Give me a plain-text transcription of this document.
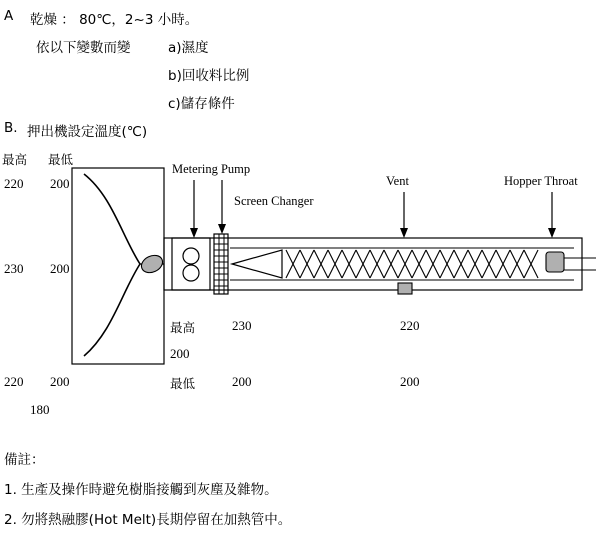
A 乾燥 ： 80℃，2~3 小時。
依以下變數而變	a)濕度
b)回收料比例
c)儲存條件
B. 押出機設定溫度(℃)
最高 最低
220 200
230 200
220 200
180
最高	230	220
200
最低	200	200
Metering Pump
Screen Changer
Vent	Hopper Throat
備註：
1. 生產及操作時避免樹脂接觸到灰塵及雜物。
2. 勿將熱融膠(Hot Melt)長期停留在加熱管中。
